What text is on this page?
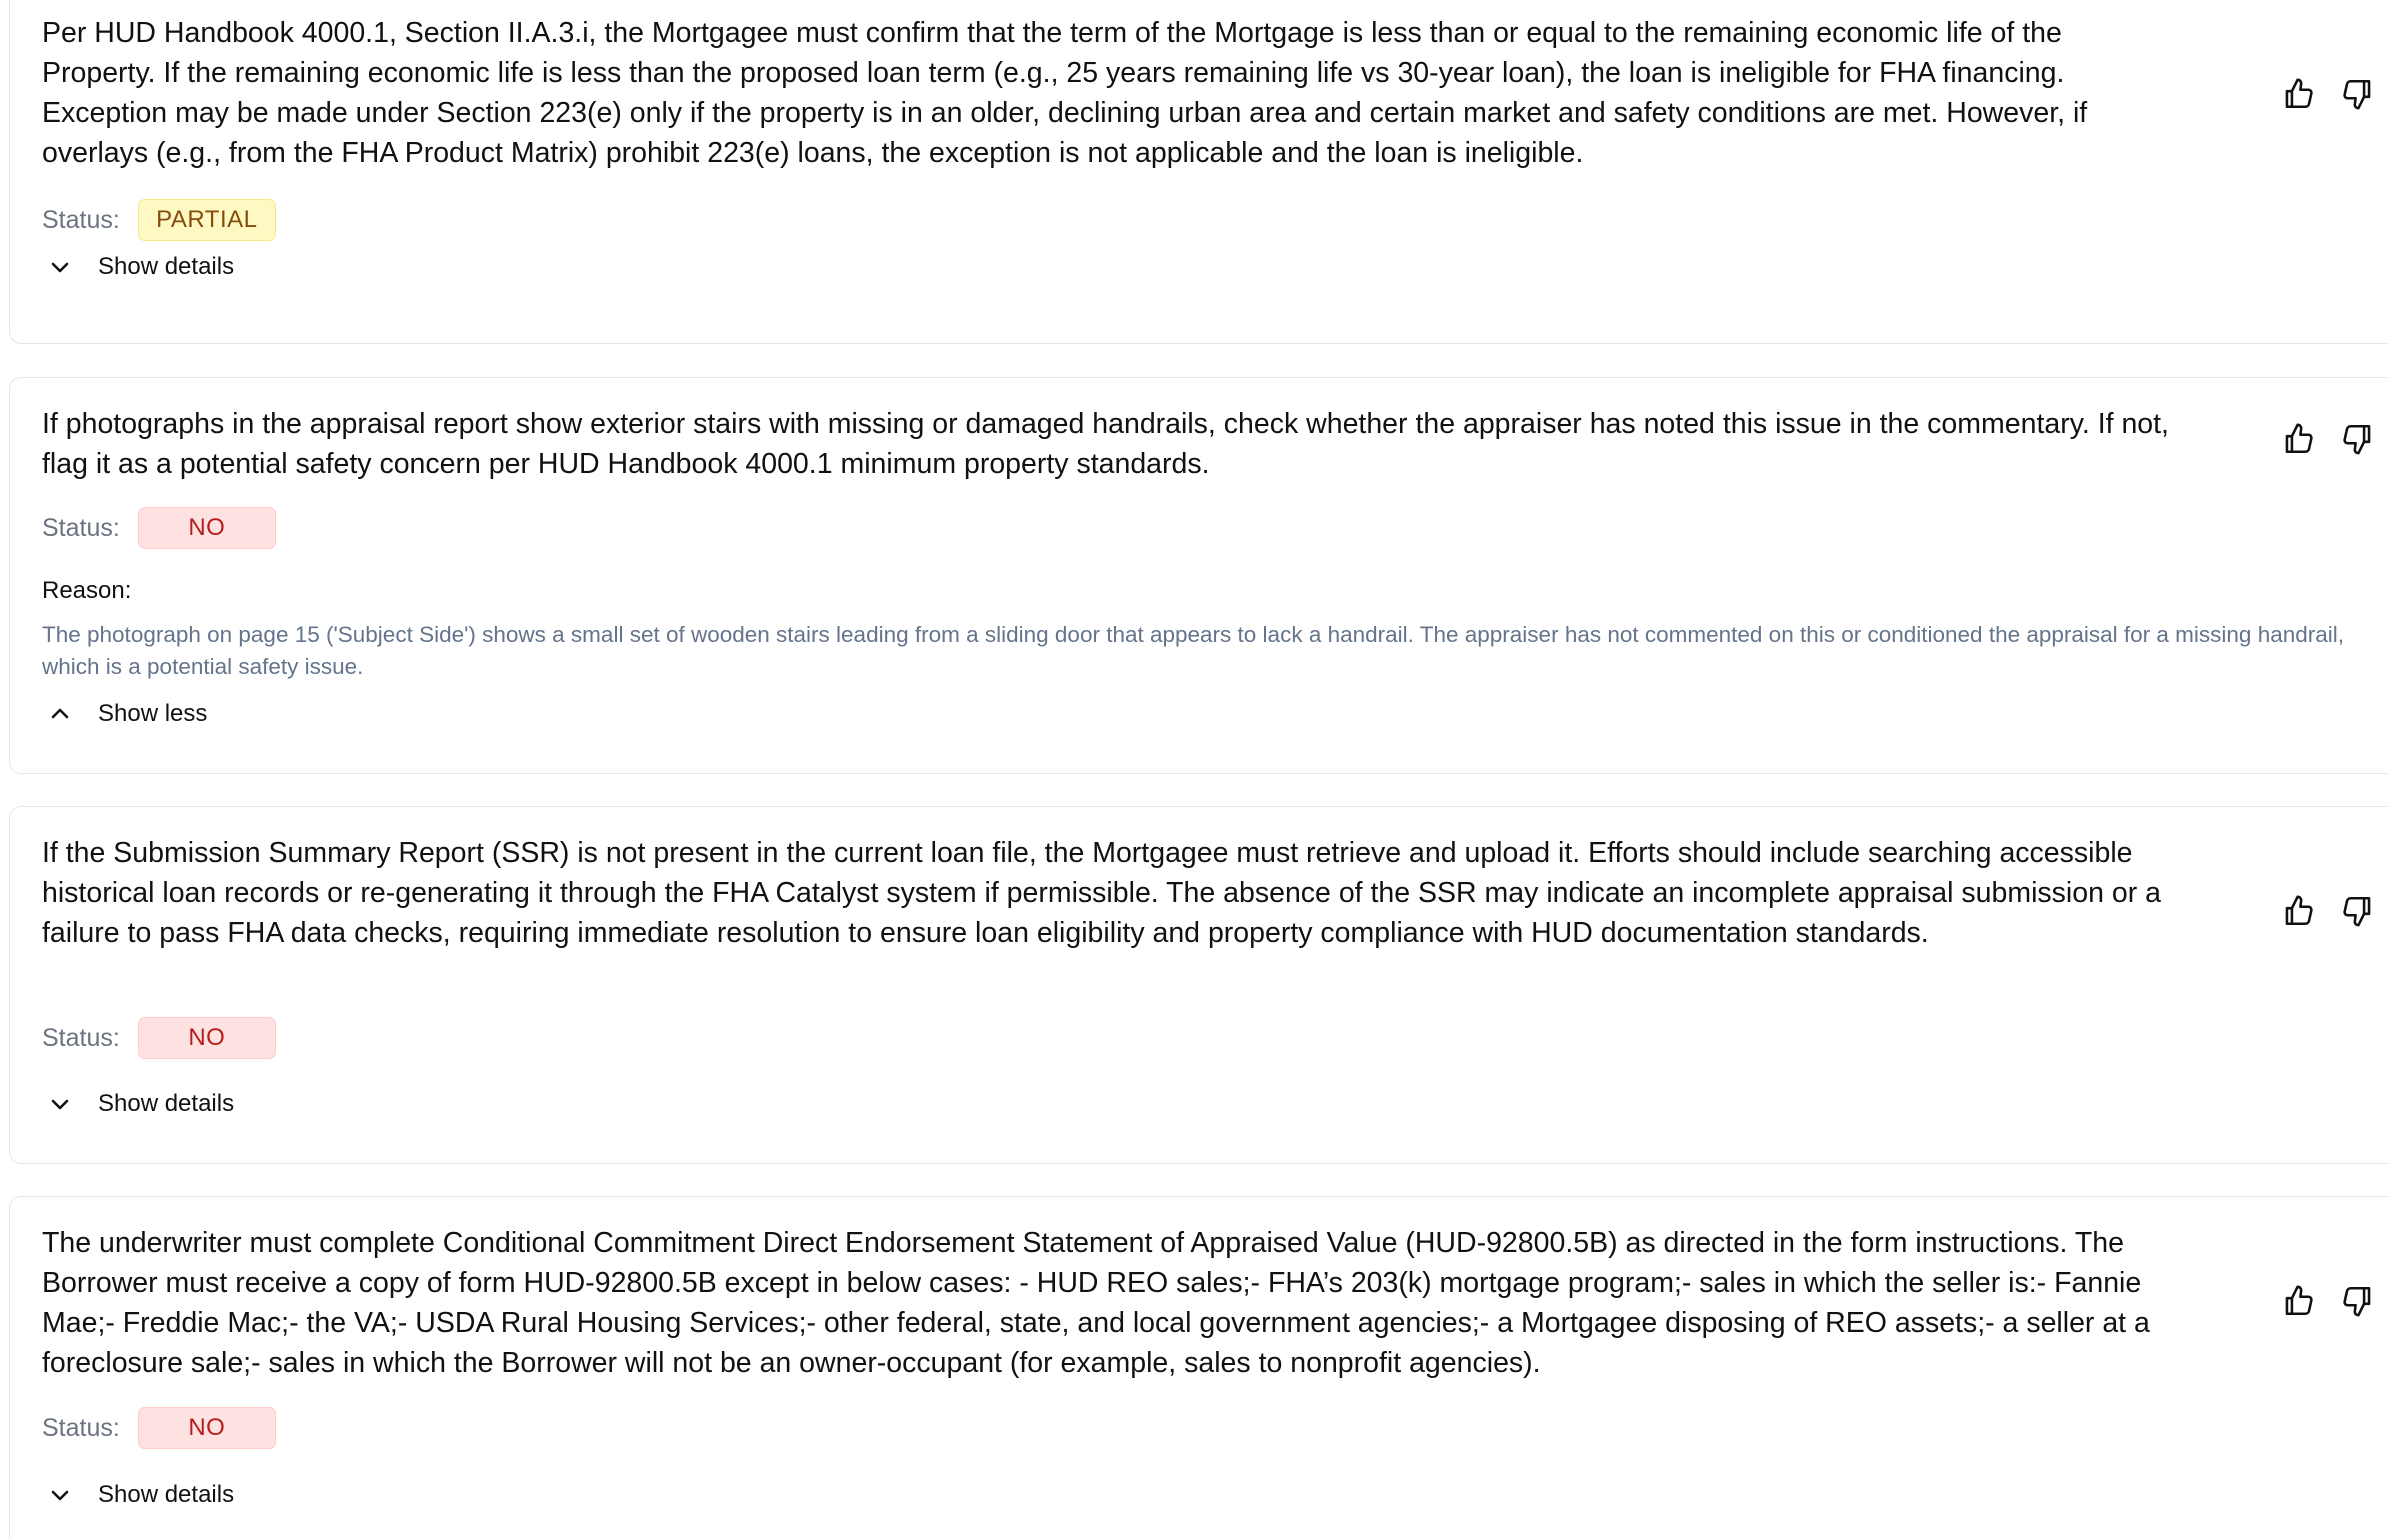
Per HUD Handbook 4000.1, Section II.A.3.i, the Mortgagee must confirm that the term of the Mortgage is less than or equal to the remaining economic life of the Property. If the remaining economic life is less than the proposed loan term (e.g., 25 years remaining life vs 30-year loan), the loan is ineligible for FHA financing. Exception may be made under Section 223(e) only if the property is in an older, declining urban area and certain market and safety conditions are met. However, if overlays (e.g., from the FHA Product Matrix) prohibit 223(e) loans, the exception is not applicable and the loan is ineligible.

Status:	PARTIAL
Show details

If photographs in the appraisal report show exterior stairs with missing or damaged handrails, check whether the appraiser has noted this issue in the commentary. If not, flag it as a potential safety concern per HUD Handbook 4000.1 minimum property standards.

Status:	NO

Reason:

The photograph on page 15 ('Subject Side') shows a small set of wooden stairs leading from a sliding door that appears to lack a handrail. The appraiser has not commented on this or conditioned the appraisal for a missing handrail, which is a potential safety issue.

Show less

If the Submission Summary Report (SSR) is not present in the current loan file, the Mortgagee must retrieve and upload it. Efforts should include searching accessible historical loan records or re-generating it through the FHA Catalyst system if permissible. The absence of the SSR may indicate an incomplete appraisal submission or a failure to pass FHA data checks, requiring immediate resolution to ensure loan eligibility and property compliance with HUD documentation standards.

Status:	NO
Show details

The underwriter must complete Conditional Commitment Direct Endorsement Statement of Appraised Value (HUD-92800.5B) as directed in the form instructions. The Borrower must receive a copy of form HUD-92800.5B except in below cases: - HUD REO sales;- FHA’s 203(k) mortgage program;- sales in which the seller is:- Fannie Mae;- Freddie Mac;- the VA;- USDA Rural Housing Services;- other federal, state, and local government agencies;- a Mortgagee disposing of REO assets;- a seller at a foreclosure sale;- sales in which the Borrower will not be an owner-occupant (for example, sales to nonprofit agencies).

Status:	NO
Show details
